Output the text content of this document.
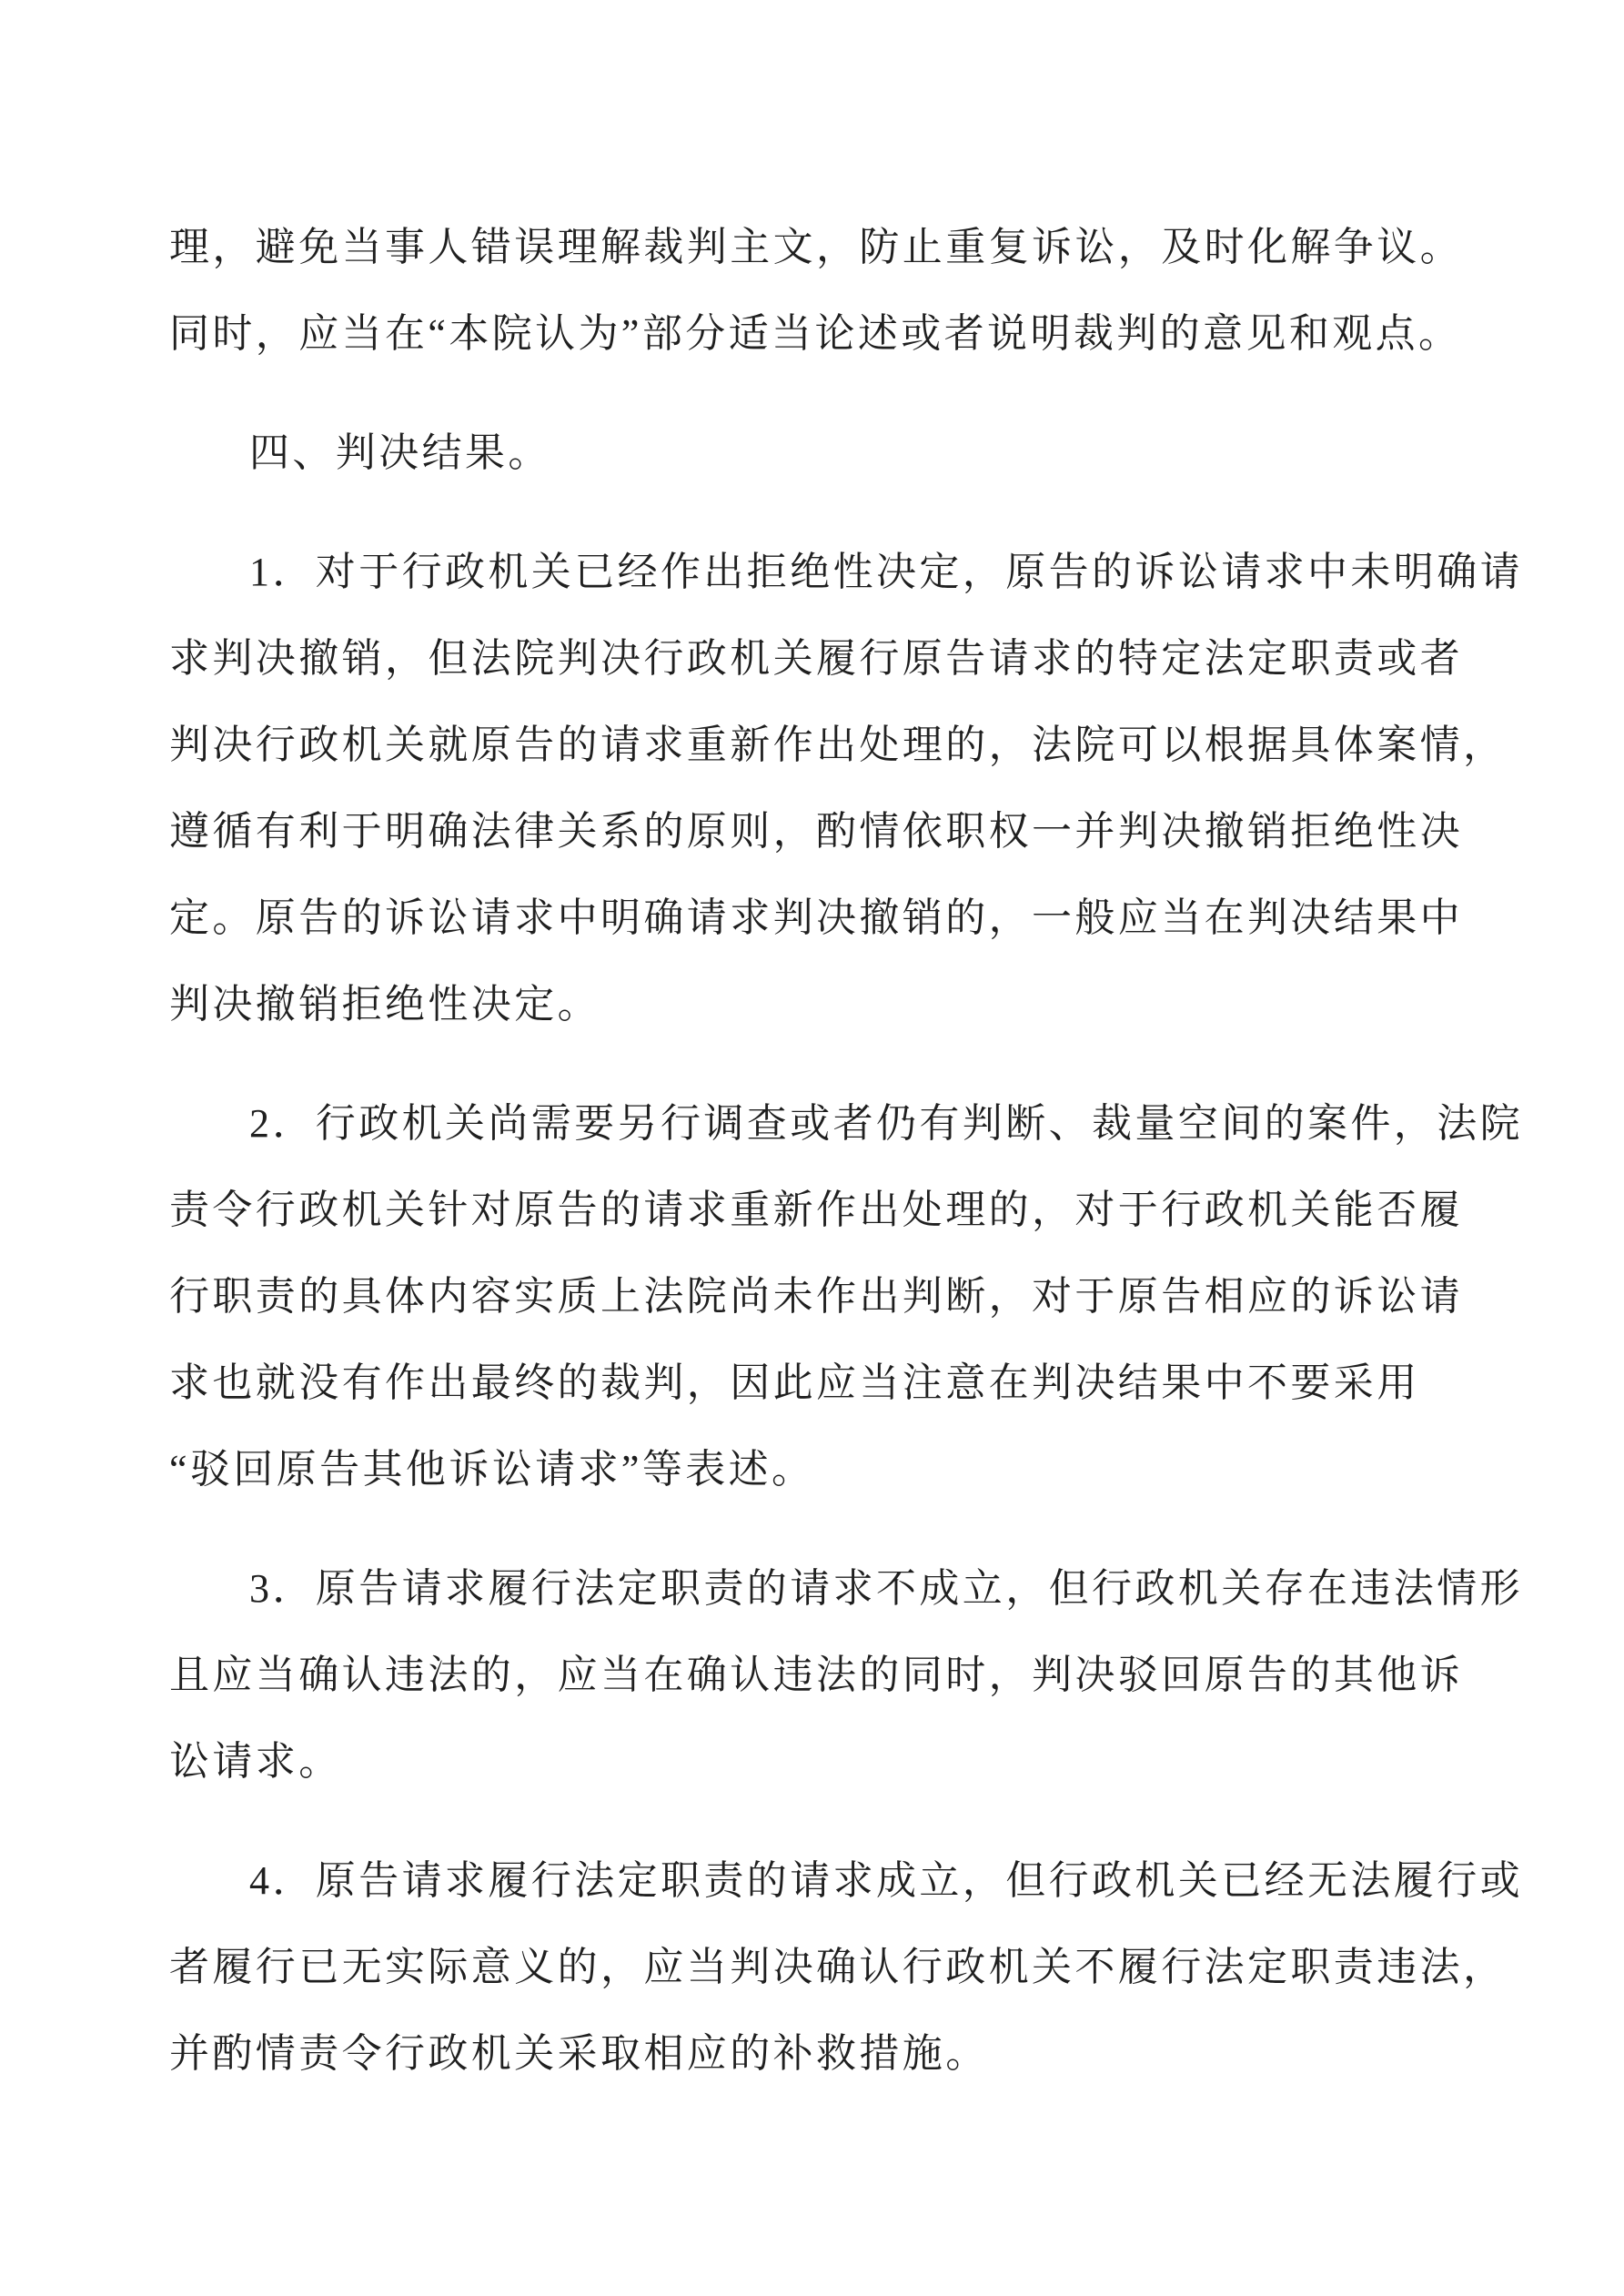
理，避免当事人错误理解裁判主文，防止重复诉讼，及时化解争议。
同时，应当在“本院认为”部分适当论述或者说明裁判的意见和观点。
四、判决结果。
1．对于行政机关已经作出拒绝性决定，原告的诉讼请求中未明确请
求判决撤销，但法院判决行政机关履行原告请求的特定法定职责或者
判决行政机关就原告的请求重新作出处理的，法院可以根据具体案情，
遵循有利于明确法律关系的原则，酌情依职权一并判决撤销拒绝性决
定。原告的诉讼请求中明确请求判决撤销的，一般应当在判决结果中
判决撤销拒绝性决定。
2．行政机关尚需要另行调查或者仍有判断、裁量空间的案件，法院
责令行政机关针对原告的请求重新作出处理的，对于行政机关能否履
行职责的具体内容实质上法院尚未作出判断，对于原告相应的诉讼请
求也就没有作出最终的裁判，因此应当注意在判决结果中不要采用
“驳回原告其他诉讼请求”等表述。
3．原告请求履行法定职责的请求不成立，但行政机关存在违法情形
且应当确认违法的，应当在确认违法的同时，判决驳回原告的其他诉
讼请求。
4．原告请求履行法定职责的请求成立，但行政机关已经无法履行或
者履行已无实际意义的，应当判决确认行政机关不履行法定职责违法，
并酌情责令行政机关采取相应的补救措施。
